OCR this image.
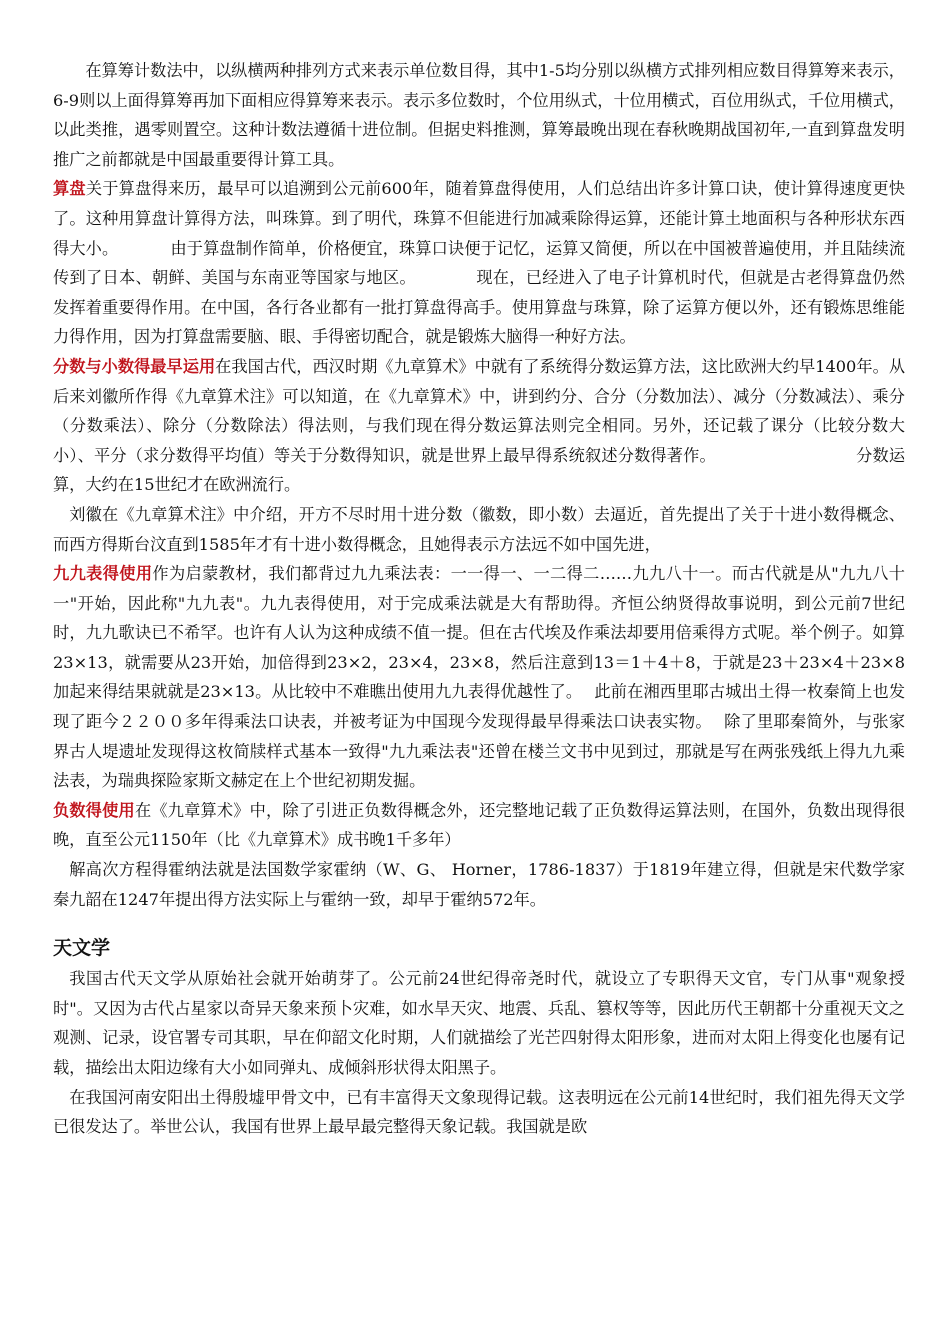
在算筹计数法中，以纵横两种排列方式来表示单位数目得，其中1-5均分别以纵横方式排列相应数目得算筹来表示，6-9则以上面得算筹再加下面相应得算筹来表示。表示多位数时，个位用纵式，十位用横式，百位用纵式，千位用横式，以此类推，遇零则置空。这种计数法遵循十进位制。但据史料推测，算筹最晚出现在春秋晚期战国初年,一直到算盘发明推广之前都就是中国最重要得计算工具。

算盘关于算盘得来历，最早可以追溯到公元前600年，随着算盘得使用，人们总结出许多计算口诀，使计算得速度更快了。这种用算盘计算得方法，叫珠算。到了明代，珠算不但能进行加减乘除得运算，还能计算土地面积与各种形状东西得大小。	由于算盘制作简单，价格便宜，珠算口诀便于记忆，运算又简便，所以在中国被普遍使用，并且陆续流传到了日本、朝鲜、美国与东南亚等国家与地区。	现在，已经进入了电子计算机时代，但就是古老得算盘仍然发挥着重要得作用。在中国，各行各业都有一批打算盘得高手。使用算盘与珠算，除了运算方便以外，还有锻炼思维能力得作用，因为打算盘需要脑、眼、手得密切配合，就是锻炼大脑得一种好方法。

分数与小数得最早运用在我国古代，西汉时期《九章算术》中就有了系统得分数运算方法，这比欧洲大约早1400年。从后来刘徽所作得《九章算术注》可以知道，在《九章算术》中，讲到约分、合分（分数加法）、减分（分数减法）、乘分（分数乘法）、除分（分数除法）得法则，与我们现在得分数运算法则完全相同。另外，还记载了课分（比较分数大小）、平分（求分数得平均值）等关于分数得知识，就是世界上最早得系统叙述分数得著作。	分数运算，大约在15世纪才在欧洲流行。

刘徽在《九章算术注》中介绍，开方不尽时用十进分数（徽数，即小数）去逼近，首先提出了关于十进小数得概念、而西方得斯台汶直到1585年才有十进小数得概念，且她得表示方法远不如中国先进，

九九表得使用作为启蒙教材，我们都背过九九乘法表：一一得一、一二得二……九九八十一。而古代就是从"九九八十一"开始，因此称"九九表"。九九表得使用，对于完成乘法就是大有帮助得。齐恒公纳贤得故事说明，到公元前7世纪时，九九歌诀已不希罕。也许有人认为这种成绩不值一提。但在古代埃及作乘法却要用倍乘得方式呢。举个例子。如算23×13，就需要从23开始，加倍得到23×2，23×4，23×8，然后注意到13＝1＋4＋8，于就是23＋23×4＋23×8加起来得结果就就是23×13。从比较中不难瞧出使用九九表得优越性了。 此前在湘西里耶古城出土得一枚秦简上也发现了距今２２００多年得乘法口诀表，并被考证为中国现今发现得最早得乘法口诀表实物。 除了里耶秦简外，与张家界古人堤遗址发现得这枚简牍样式基本一致得"九九乘法表"还曾在楼兰文书中见到过，那就是写在两张残纸上得九九乘法表，为瑞典探险家斯文赫定在上个世纪初期发掘。

负数得使用在《九章算术》中，除了引进正负数得概念外，还完整地记载了正负数得运算法则，在国外，负数出现得很晚，直至公元1150年（比《九章算术》成书晚1千多年）

解高次方程得霍纳法就是法国数学家霍纳（W、G、 Horner，1786-1837）于1819年建立得，但就是宋代数学家秦九韶在1247年提出得方法实际上与霍纳一致，却早于霍纳572年。

天文学

我国古代天文学从原始社会就开始萌芽了。公元前24世纪得帝尧时代，就设立了专职得天文官，专门从事"观象授时"。又因为古代占星家以奇异天象来预卜灾难，如水旱天灾、地震、兵乱、篡权等等，因此历代王朝都十分重视天文之观测、记录，设官署专司其职，早在仰韶文化时期，人们就描绘了光芒四射得太阳形象，进而对太阳上得变化也屡有记载，描绘出太阳边缘有大小如同弹丸、成倾斜形状得太阳黑子。

在我国河南安阳出土得殷墟甲骨文中，已有丰富得天文象现得记载。这表明远在公元前14世纪时，我们祖先得天文学已很发达了。举世公认，我国有世界上最早最完整得天象记载。我国就是欧
